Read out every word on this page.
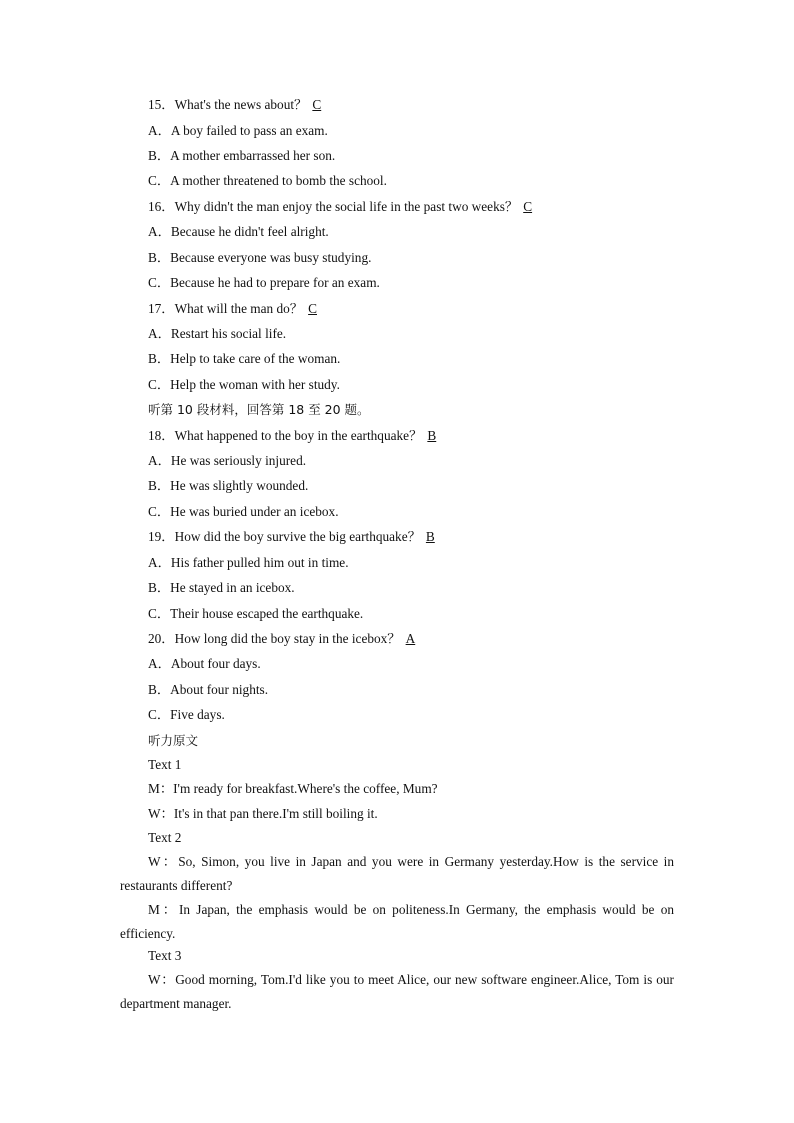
15．What's the news about？ C
A．A boy failed to pass an exam.
B．A mother embarrassed her son.
C．A mother threatened to bomb the school.
16．Why didn't the man enjoy the social life in the past two weeks？ C
A．Because he didn't feel alright.
B．Because everyone was busy studying.
C．Because he had to prepare for an exam.
17．What will the man do？ C
A．Restart his social life.
B．Help to take care of the woman.
C．Help the woman with her study.
听第 10 段材料，回答第 18 至 20 题。
18．What happened to the boy in the earthquake？ B
A．He was seriously injured.
B．He was slightly wounded.
C．He was buried under an icebox.
19．How did the boy survive the big earthquake？ B
A．His father pulled him out in time.
B．He stayed in an icebox.
C．Their house escaped the earthquake.
20．How long did the boy stay in the icebox？ A
A．About four days.
B．About four nights.
C．Five days.
听力原文
Text 1
M：I'm ready for breakfast.Where's the coffee, Mum?
W：It's in that pan there.I'm still boiling it.
Text 2
W：So, Simon, you live in Japan and you were in Germany yesterday.How is the service in restaurants different?
M：In Japan, the emphasis would be on politeness.In Germany, the emphasis would be on efficiency.
Text 3
W：Good morning, Tom.I'd like you to meet Alice, our new software engineer.Alice, Tom is our department manager.
